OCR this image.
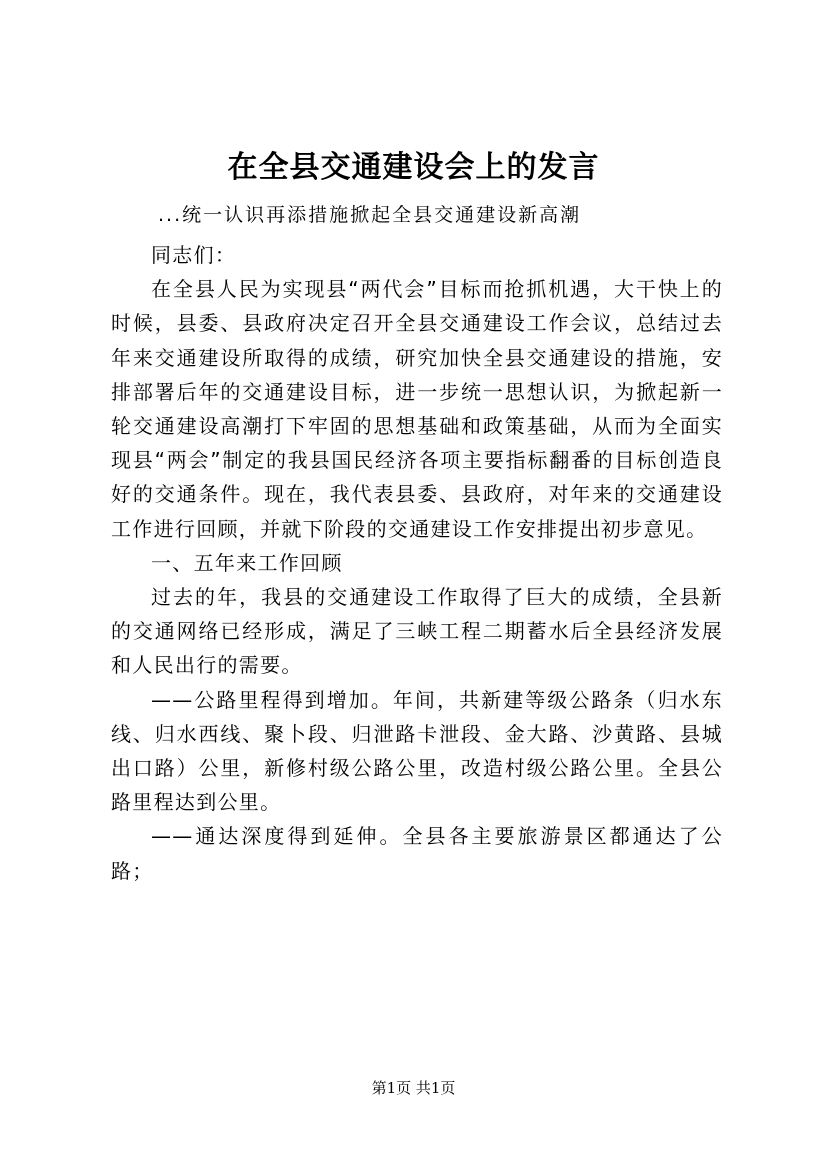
在全县交通建设会上的发言

...统一认识再添措施掀起全县交通建设新高潮

同志们：

在全县人民为实现县“两代会”目标而抢抓机遇，大干快上的时候，县委、县政府决定召开全县交通建设工作会议，总结过去年来交通建设所取得的成绩，研究加快全县交通建设的措施，安排部署后年的交通建设目标，进一步统一思想认识，为掀起新一轮交通建设高潮打下牢固的思想基础和政策基础，从而为全面实现县“两会”制定的我县国民经济各项主要指标翻番的目标创造良好的交通条件。现在，我代表县委、县政府，对年来的交通建设工作进行回顾，并就下阶段的交通建设工作安排提出初步意见。

一、五年来工作回顾

过去的年，我县的交通建设工作取得了巨大的成绩，全县新的交通网络已经形成，满足了三峡工程二期蓄水后全县经济发展和人民出行的需要。

——公路里程得到增加。年间，共新建等级公路条（归水东线、归水西线、聚卜段、归泄路卡泄段、金大路、沙黄路、县城出口路）公里，新修村级公路公里，改造村级公路公里。全县公路里程达到公里。

——通达深度得到延伸。全县各主要旅游景区都通达了公路；

第1页 共1页
